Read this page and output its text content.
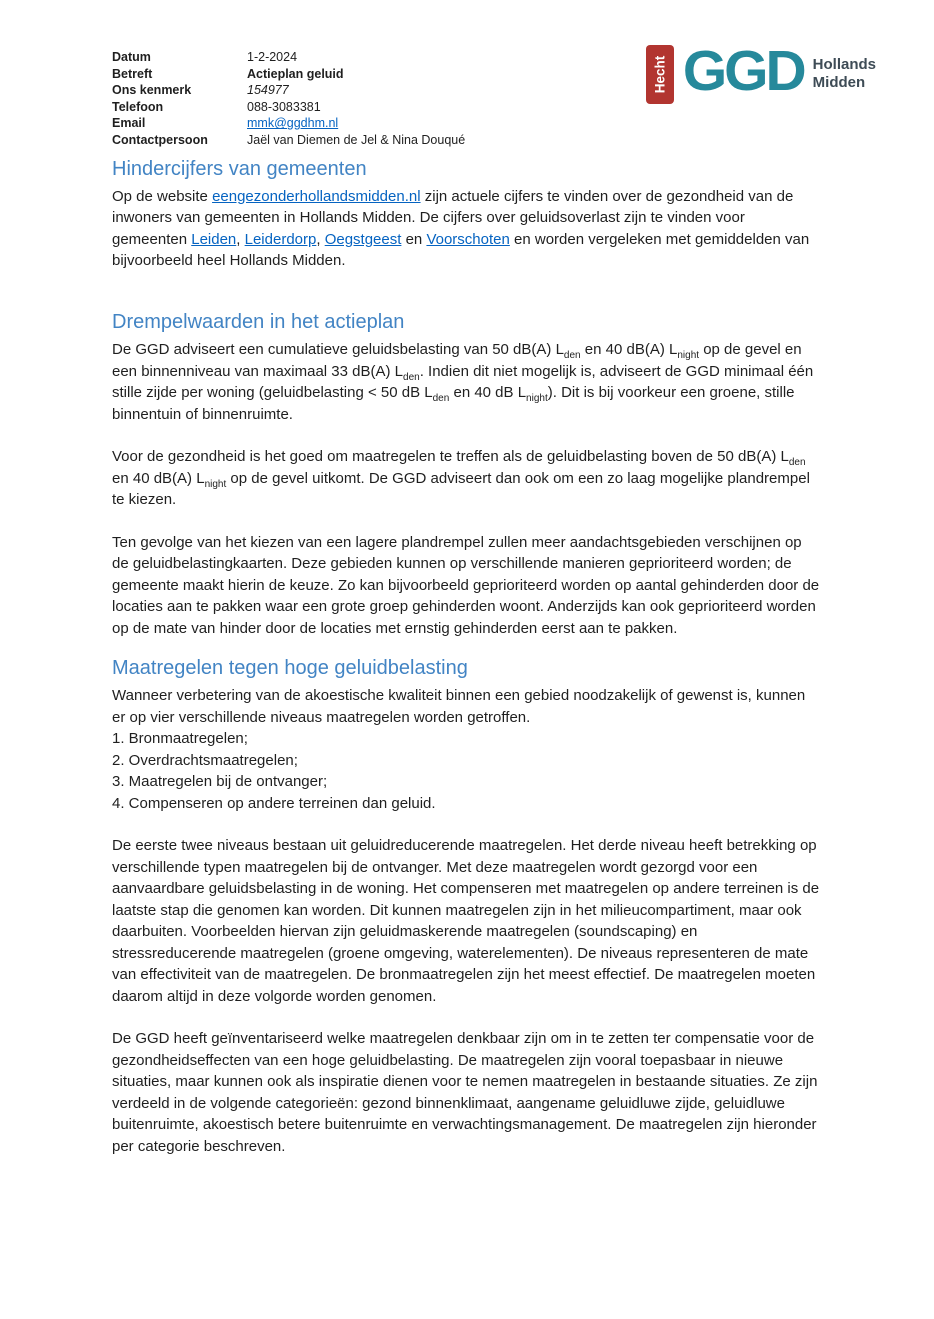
Datum	1-2-2024
Betreft	Actieplan geluid
Ons kenmerk	154977
Telefoon	088-3083381
Email	mmk@ggdhm.nl
Contactpersoon	Jaël van Diemen de Jel & Nina Douqué
Hecht GGD Hollands
Midden
Hindercijfers van gemeenten

Op de website eengezonderhollandsmidden.nl zijn actuele cijfers te vinden over de gezondheid van de inwoners van gemeenten in Hollands Midden. De cijfers over geluidsoverlast zijn te vinden voor gemeenten Leiden, Leiderdorp, Oegstgeest en Voorschoten en worden vergeleken met gemiddelden van bijvoorbeeld heel Hollands Midden.

Drempelwaarden in het actieplan

De GGD adviseert een cumulatieve geluidsbelasting van 50 dB(A) $L_{den}$ en 40 dB(A) $L_{night}$ op de gevel en een binnenniveau van maximaal 33 dB(A) $L_{den}$. Indien dit niet mogelijk is, adviseert de GGD minimaal één stille zijde per woning (geluidbelasting < 50 dB $L_{den}$ en 40 dB $L_{night}$). Dit is bij voorkeur een groene, stille binnentuin of binnenruimte.

Voor de gezondheid is het goed om maatregelen te treffen als de geluidbelasting boven de 50 dB(A) $L_{den}$ en 40 dB(A) $L_{night}$ op de gevel uitkomt. De GGD adviseert dan ook om een zo laag mogelijke plandrempel te kiezen.

Ten gevolge van het kiezen van een lagere plandrempel zullen meer aandachtsgebieden verschijnen op de geluidbelastingkaarten. Deze gebieden kunnen op verschillende manieren geprioriteerd worden; de gemeente maakt hierin de keuze. Zo kan bijvoorbeeld geprioriteerd worden op aantal gehinderden door de locaties aan te pakken waar een grote groep gehinderden woont. Anderzijds kan ook geprioriteerd worden op de mate van hinder door de locaties met ernstig gehinderden eerst aan te pakken.

Maatregelen tegen hoge geluidbelasting

Wanneer verbetering van de akoestische kwaliteit binnen een gebied noodzakelijk of gewenst is, kunnen er op vier verschillende niveaus maatregelen worden getroffen.

1. Bronmaatregelen;

2. Overdrachtsmaatregelen;

3. Maatregelen bij de ontvanger;

4. Compenseren op andere terreinen dan geluid.

De eerste twee niveaus bestaan uit geluidreducerende maatregelen. Het derde niveau heeft betrekking op verschillende typen maatregelen bij de ontvanger. Met deze maatregelen wordt gezorgd voor een aanvaardbare geluidsbelasting in de woning. Het compenseren met maatregelen op andere terreinen is de laatste stap die genomen kan worden. Dit kunnen maatregelen zijn in het milieucompartiment, maar ook daarbuiten. Voorbeelden hiervan zijn geluidmaskerende maatregelen (soundscaping) en stressreducerende maatregelen (groene omgeving, waterelementen). De niveaus representeren de mate van effectiviteit van de maatregelen. De bronmaatregelen zijn het meest effectief. De maatregelen moeten daarom altijd in deze volgorde worden genomen.

De GGD heeft geïnventariseerd welke maatregelen denkbaar zijn om in te zetten ter compensatie voor de gezondheidseffecten van een hoge geluidbelasting. De maatregelen zijn vooral toepasbaar in nieuwe situaties, maar kunnen ook als inspiratie dienen voor te nemen maatregelen in bestaande situaties. Ze zijn verdeeld in de volgende categorieën: gezond binnenklimaat, aangename geluidluwe zijde, geluidluwe buitenruimte, akoestisch betere buitenruimte en verwachtingsmanagement. De maatregelen zijn hieronder per categorie beschreven.
